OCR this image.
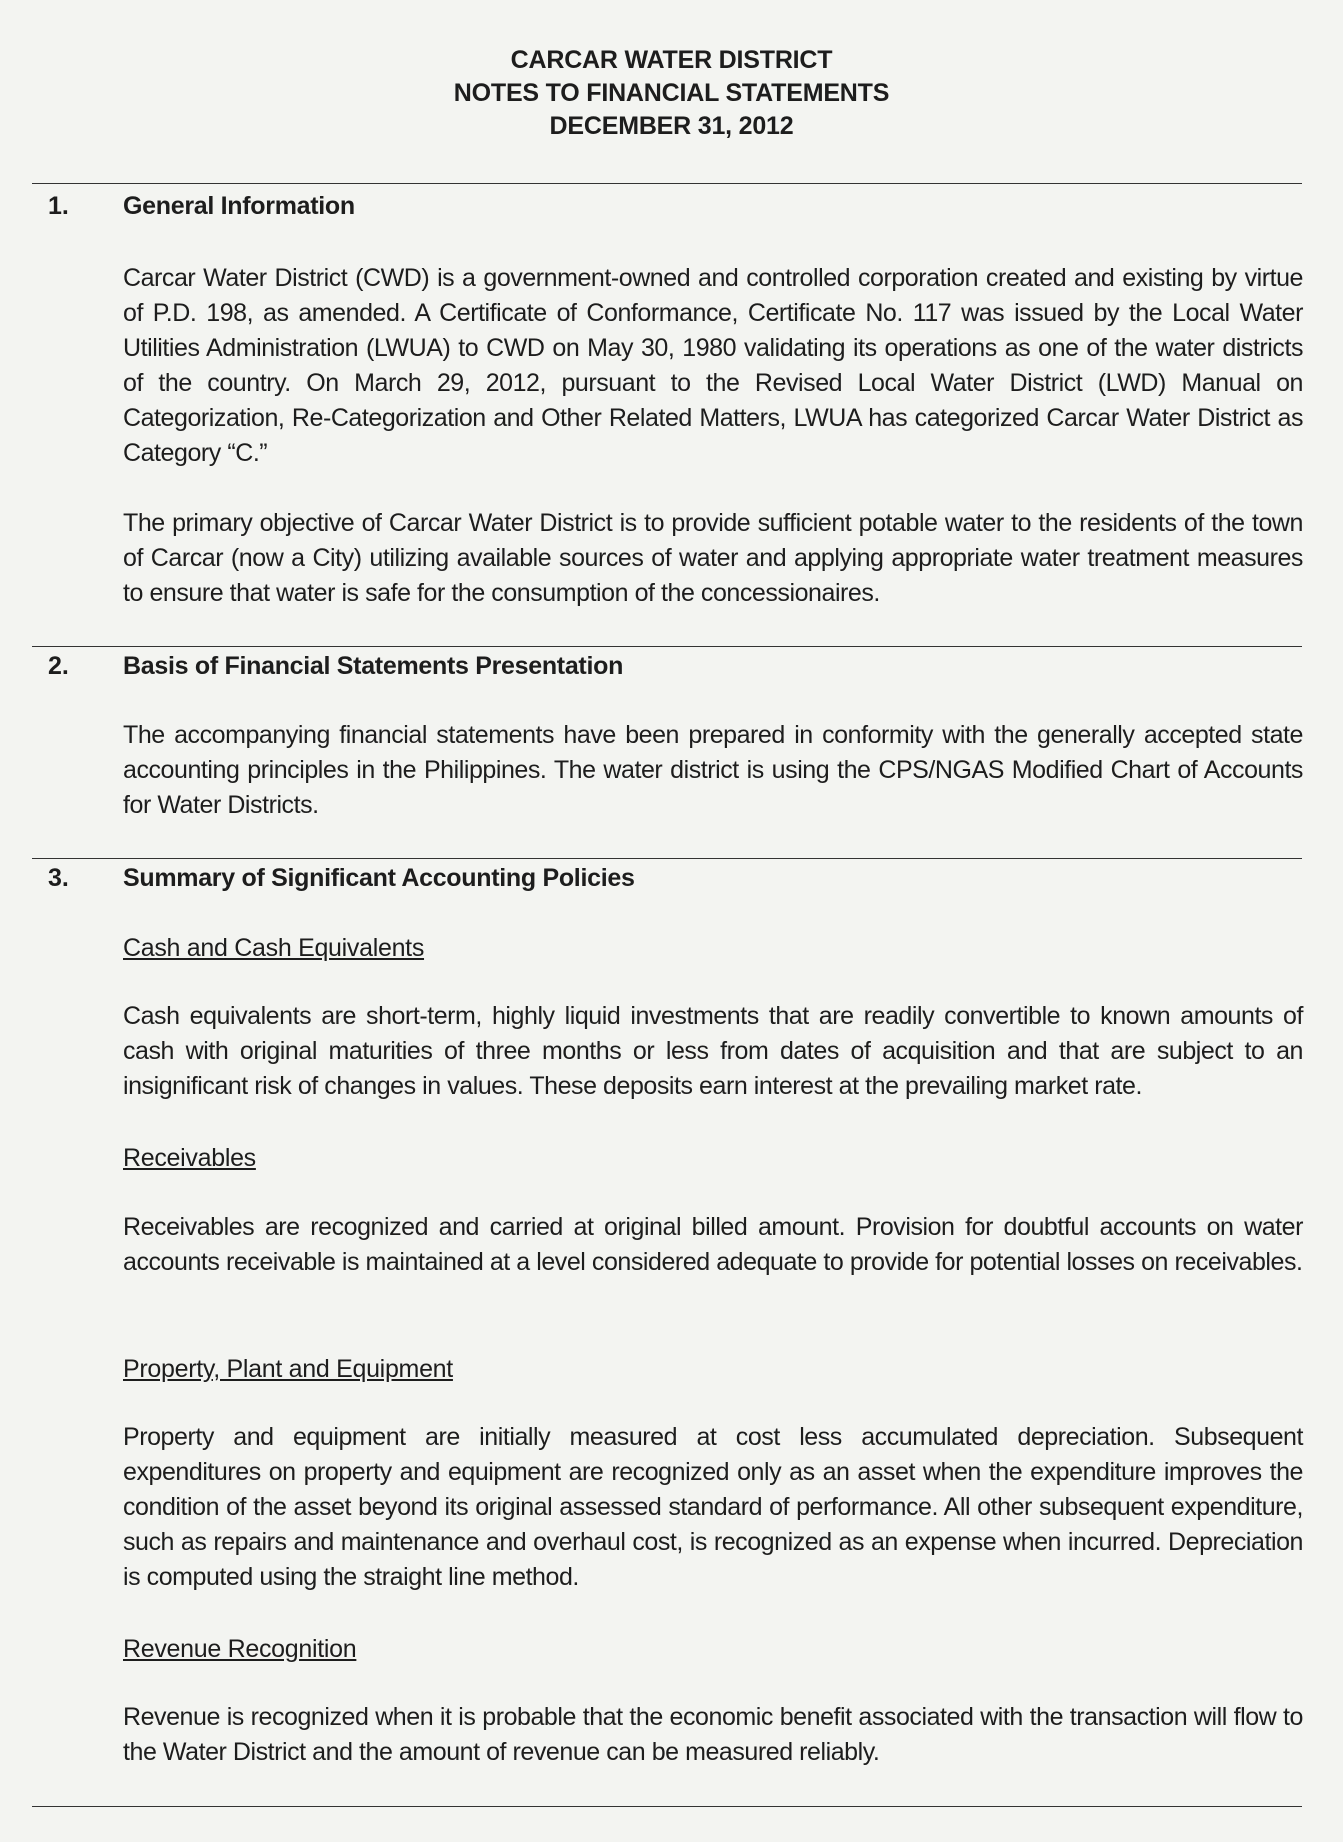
CARCAR WATER DISTRICT
NOTES TO FINANCIAL STATEMENTS
DECEMBER 31, 2012
1. General Information
Carcar Water District (CWD) is a government-owned and controlled corporation created and existing by virtue of P.D. 198, as amended. A Certificate of Conformance, Certificate No. 117 was issued by the Local Water Utilities Administration (LWUA) to CWD on May 30, 1980 validating its operations as one of the water districts of the country. On March 29, 2012, pursuant to the Revised Local Water District (LWD) Manual on Categorization, Re-Categorization and Other Related Matters, LWUA has categorized Carcar Water District as Category “C.”
The primary objective of Carcar Water District is to provide sufficient potable water to the residents of the town of Carcar (now a City) utilizing available sources of water and applying appropriate water treatment measures to ensure that water is safe for the consumption of the concessionaires.
2. Basis of Financial Statements Presentation
The accompanying financial statements have been prepared in conformity with the generally accepted state accounting principles in the Philippines. The water district is using the CPS/NGAS Modified Chart of Accounts for Water Districts.
3. Summary of Significant Accounting Policies
Cash and Cash Equivalents
Cash equivalents are short-term, highly liquid investments that are readily convertible to known amounts of cash with original maturities of three months or less from dates of acquisition and that are subject to an insignificant risk of changes in values. These deposits earn interest at the prevailing market rate.
Receivables
Receivables are recognized and carried at original billed amount. Provision for doubtful accounts on water accounts receivable is maintained at a level considered adequate to provide for potential losses on receivables.
Property, Plant and Equipment
Property and equipment are initially measured at cost less accumulated depreciation. Subsequent expenditures on property and equipment are recognized only as an asset when the expenditure improves the condition of the asset beyond its original assessed standard of performance. All other subsequent expenditure, such as repairs and maintenance and overhaul cost, is recognized as an expense when incurred. Depreciation is computed using the straight line method.
Revenue Recognition
Revenue is recognized when it is probable that the economic benefit associated with the transaction will flow to the Water District and the amount of revenue can be measured reliably.
